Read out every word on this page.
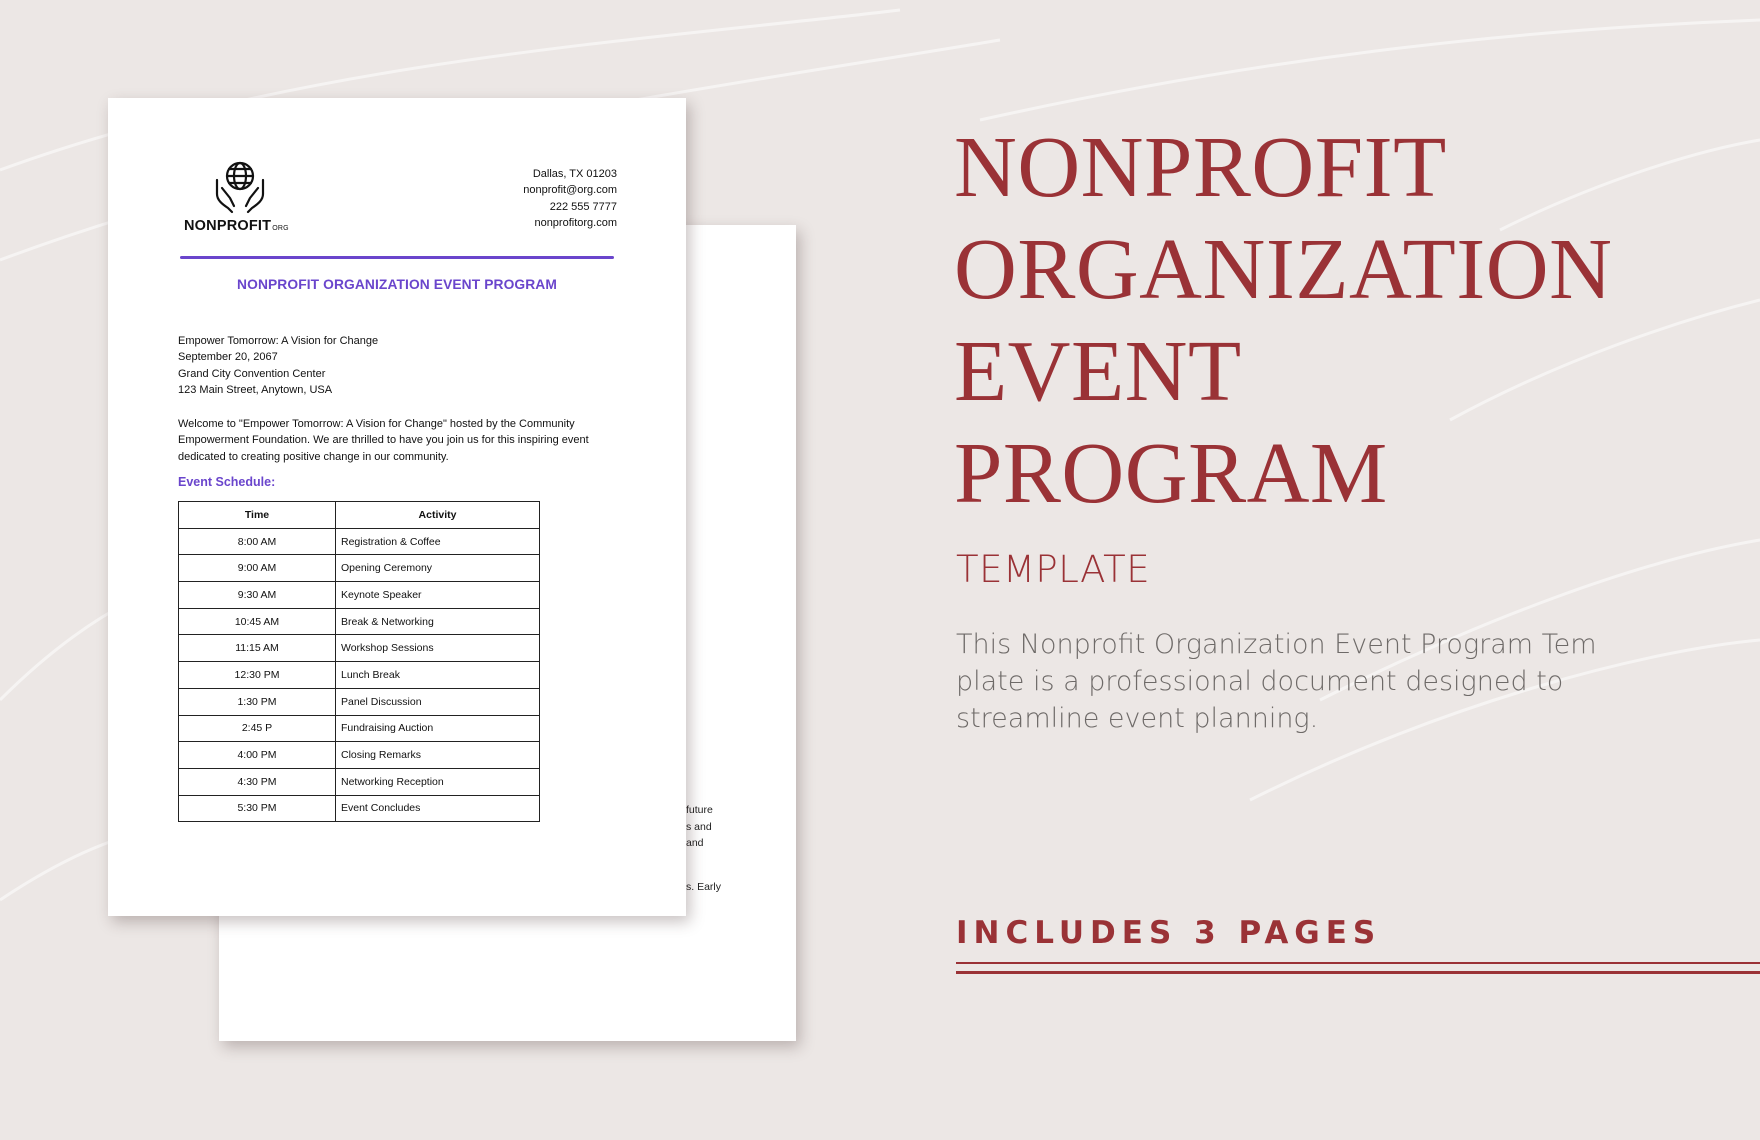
future
s and
and
s. Early
NONPROFITORG
Dallas, TX 01203
nonprofit@org.com
222 555 7777
nonprofitorg.com
NONPROFIT ORGANIZATION EVENT PROGRAM
Empower Tomorrow: A Vision for Change
September 20, 2067
Grand City Convention Center
123 Main Street, Anytown, USA

Welcome to "Empower Tomorrow: A Vision for Change" hosted by the Community Empowerment Foundation. We are thrilled to have you join us for this inspiring event dedicated to creating positive change in our community.

Event Schedule:
Time	Activity
8:00 AM	Registration & Coffee
9:00 AM	Opening Ceremony
9:30 AM	Keynote Speaker
10:45 AM	Break & Networking
11:15 AM	Workshop Sessions
12:30 PM	Lunch Break
1:30 PM	Panel Discussion
2:45 P	Fundraising Auction
4:00 PM	Closing Remarks
4:30 PM	Networking Reception
5:30 PM	Event Concludes
NONPROFIT
ORGANIZATION
EVENT
PROGRAM
TEMPLATE
This Nonprofit Organization Event Program Tem
plate is a professional document designed to
streamline event planning.
INCLUDES 3 PAGES
